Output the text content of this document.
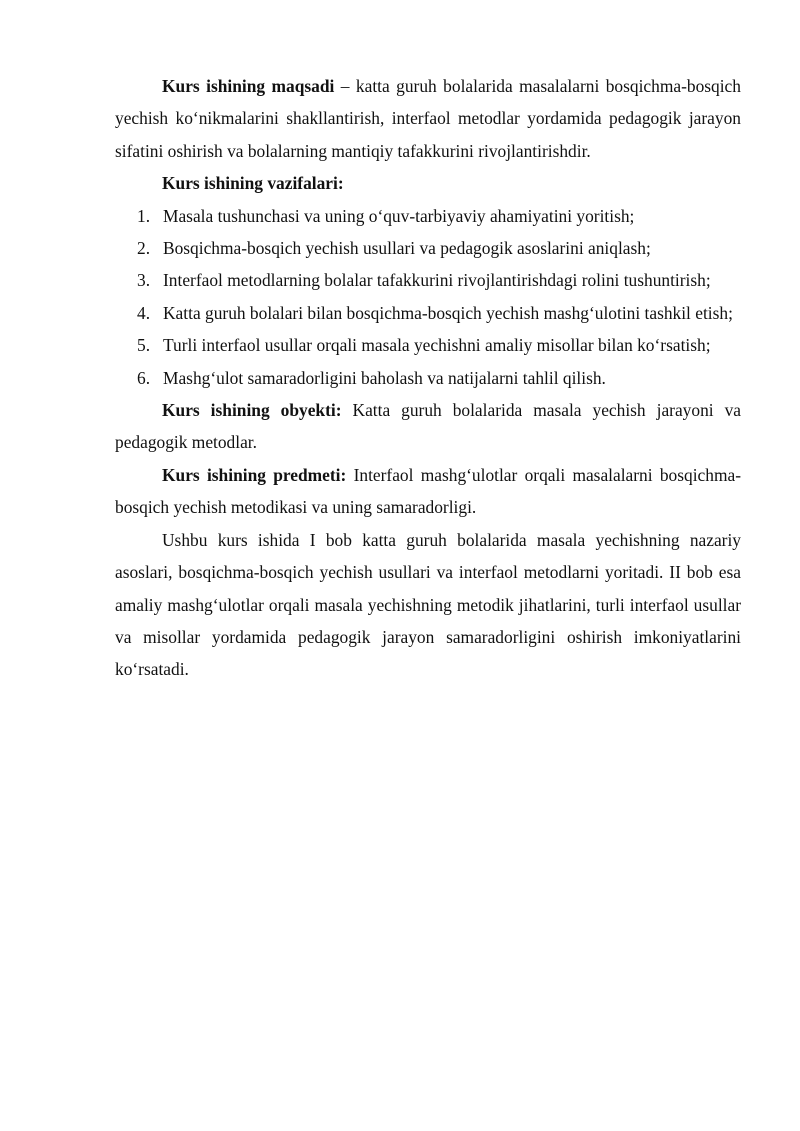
Kurs ishining maqsadi – katta guruh bolalarida masalalarni bosqichma-bosqich yechish koʻnikmalarini shakllantirish, interfaol metodlar yordamida pedagogik jarayon sifatini oshirish va bolalarning mantiqiy tafakkurini rivojlantirishdir.

Kurs ishining vazifalari:

1. Masala tushunchasi va uning oʻquv-tarbiyaviy ahamiyatini yoritish;
2. Bosqichma-bosqich yechish usullari va pedagogik asoslarini aniqlash;
3. Interfaol metodlarning bolalar tafakkurini rivojlantirishdagi rolini tushuntirish;
4. Katta guruh bolalari bilan bosqichma-bosqich yechish mashgʻulotini tashkil etish;
5. Turli interfaol usullar orqali masala yechishni amaliy misollar bilan koʻrsatish;
6. Mashgʻulot samaradorligini baholash va natijalarni tahlil qilish.

Kurs ishining obyekti: Katta guruh bolalarida masala yechish jarayoni va pedagogik metodlar.

Kurs ishining predmeti: Interfaol mashgʻulotlar orqali masalalarni bosqichma-bosqich yechish metodikasi va uning samaradorligi.

Ushbu kurs ishida I bob katta guruh bolalarida masala yechishning nazariy asoslari, bosqichma-bosqich yechish usullari va interfaol metodlarni yoritadi. II bob esa amaliy mashgʻulotlar orqali masala yechishning metodik jihatlarini, turli interfaol usullar va misollar yordamida pedagogik jarayon samaradorligini oshirish imkoniyatlarini koʻrsatadi.
